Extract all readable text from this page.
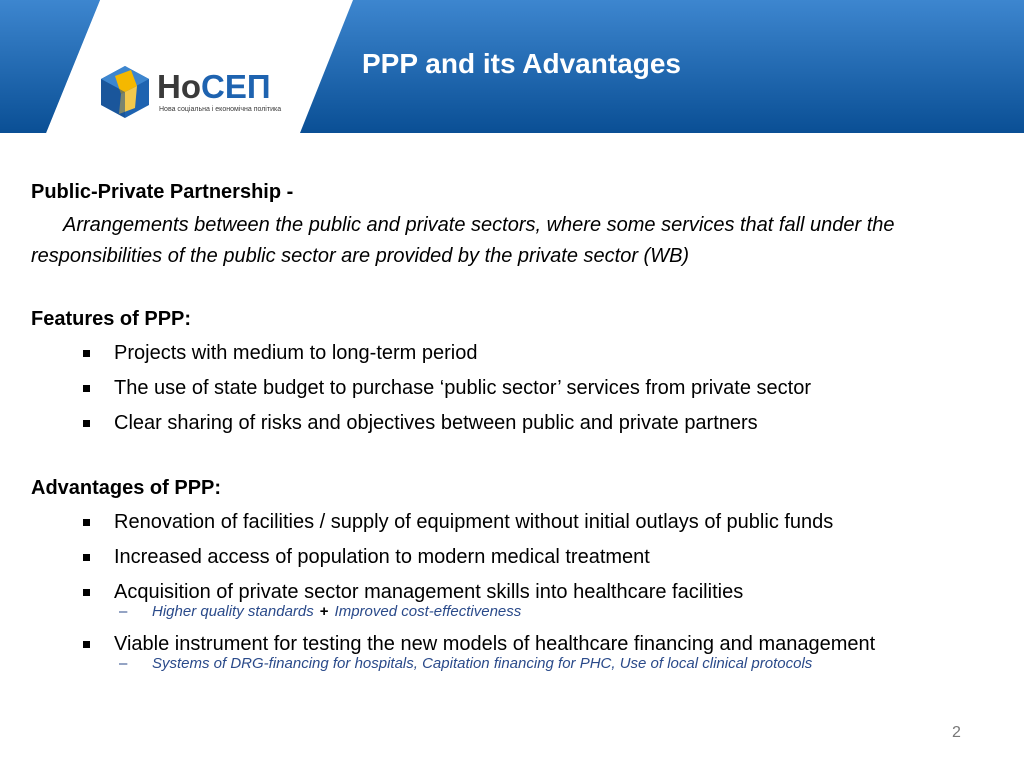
НоСЕП
Нова соціальна і економічна політика
PPP and its Advantages

Public-Private Partnership -

Arrangements between the public and private sectors, where some services that fall under the responsibilities of the public sector are provided by the private sector (WB)

Features of PPP:

Projects with medium to long-term period
The use of state budget to purchase ‘public sector’ services from private sector
Clear sharing of risks and objectives between public and private partners

Advantages of PPP:

Renovation of facilities / supply of equipment without initial outlays of public funds
Increased access of population to modern medical treatment
Acquisition of private sector management skills into healthcare facilities
– Higher quality standards + Improved cost-effectiveness
Viable instrument for testing the new models of healthcare financing and management
– Systems of DRG-financing for hospitals, Capitation financing for PHC, Use of local clinical protocols
2
